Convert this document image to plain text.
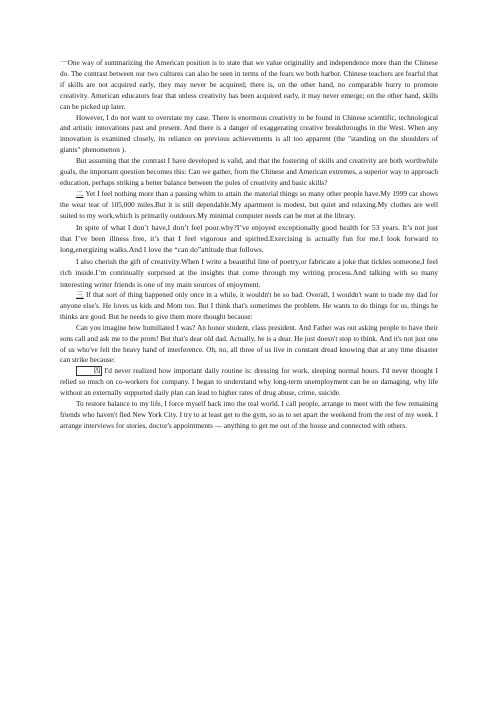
一One way of summarizing the American position is to state that we value originality and independence more than the Chinese do. The contrast between our two cultures can also be seen in terms of the fears we both harbor. Chinese teachers are fearful that if skills are not acquired early, they may never be acquired; there is, on the other hand, no comparable hurry to promote creativity. American educators fear that unless creativity has been acquired early, it may never emerge; on the other hand, skills can be picked up later.

However, I do not want to overstate my case. There is enormous creativity to be found in Chinese scientific, technological and artistic innovations past and present. And there is a danger of exaggerating creative breakthroughs in the West. When any innovation is examined closely, its reliance on previous achievements is all too apparent (the "standing on the shoulders of giants" phenomenon ).

But assuming that the contrast I have developed is valid, and that the fostering of skills and creativity are both worthwhile goals, the important question becomes this: Can we gather, from the Chinese and American extremes, a superior way to approach education, perhaps striking a better balance between the poles of creativity and basic skills?

二 Yet I feel nothing more than a passing whim to attain the material things so many other people have.My 1999 car shows the wear tear of 105,000 miles.But it is still dependable.My apartment is modest, but quiet and relaxing.My clothes are well suited to my work,which is primarily outdoors.My minimal computer needs can be met at the library.

In spite of what I don’t have,I don’t feel poor.why?I’ve enjoyed exceptionally good health for 53 years. It’s not just that I’ve been illness free, it’s that I feel vigorous and spirited.Exercising is actually fun for me.I look forward to long,energizing walks.And I love the “can do”attitude that follows.

I also cherish the gift of creativity.When I write a beautiful line of poetry,or fabricate a joke that tickles someone,I feel rich inside.I’m continually surprised at the insights that come through my writing process.And talking with so many interesting writer friends is one of my main sources of enjoyment.

三 If that sort of thing happened only once in a while, it wouldn't be so bad. Overall, I wouldn't want to trade my dad for anyone else's. He loves us kids and Mom too. But I think that's sometimes the problem. He wants to do things for us, things he thinks are good. But he needs to give them more thought because:

Can you imagine how humiliated I was? An honor student, class president. And Father was out asking people to have their sons call and ask me to the prom! But that's dear old dad. Actually, he is a dear. He just doesn't stop to think. And it's not just one of us who've felt the heavy hand of interference. Oh, no, all three of us live in constant dread knowing that at any time disaster can strike because:

四 I'd never realized how important daily routine is: dressing for work, sleeping normal hours. I'd never thought I relied so much on co-workers for company. I began to understand why long-term unemployment can be so damaging, why life without an externally supported daily plan can lead to higher rates of drug abuse, crime, suicide.

To restore balance to my life, I force myself back into the real world. I call people, arrange to meet with the few remaining friends who haven't fled New York City. I try to at least get to the gym, so as to set apart the weekend from the rest of my week. I arrange interviews for stories, doctor's appointments — anything to get me out of the house and connected with others.
